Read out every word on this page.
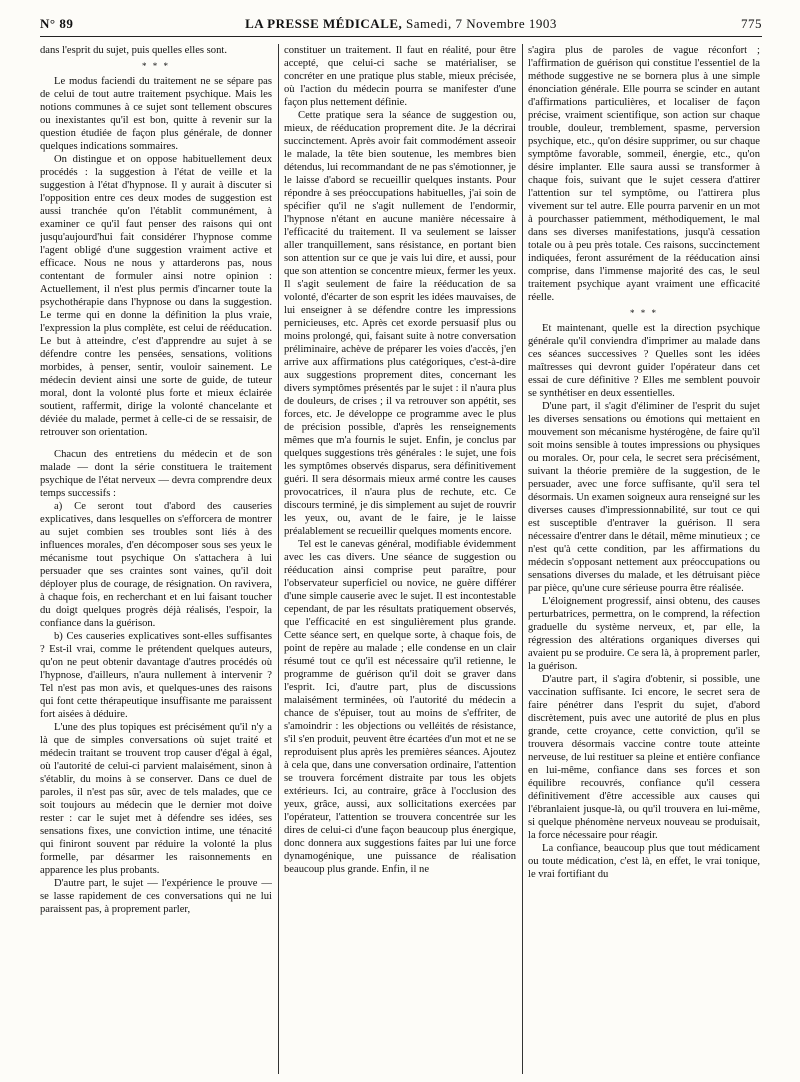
N° 89	LA PRESSE MÉDICALE, Samedi, 7 Novembre 1903	775

dans l'esprit du sujet, puis quelles elles sont.

* * *

Le modus faciendi du traitement ne se sépare pas de celui de tout autre traitement psychique. Mais les notions communes à ce sujet sont tellement obscures ou inexistantes qu'il est bon, quitte à revenir sur la question étudiée de façon plus générale, de donner quelques indications sommaires.

On distingue et on oppose habituellement deux procédés : la suggestion à l'état de veille et la suggestion à l'état d'hypnose. Il y aurait à discuter si l'opposition entre ces deux modes de suggestion est aussi tranchée qu'on l'établit communément, à examiner ce qu'il faut penser des raisons qui ont jusqu'aujourd'hui fait considérer l'hypnose comme l'agent obligé d'une suggestion vraiment active et efficace. Nous ne nous y attarderons pas, nous contentant de formuler ainsi notre opinion : Actuellement, il n'est plus permis d'incarner toute la psychothérapie dans l'hypnose ou dans la suggestion. Le terme qui en donne la définition la plus vraie, l'expression la plus complète, est celui de rééducation. Le but à atteindre, c'est d'apprendre au sujet à se défendre contre les pensées, sensations, volitions morbides, à penser, sentir, vouloir sainement. Le médecin devient ainsi une sorte de guide, de tuteur moral, dont la volonté plus forte et mieux éclairée soutient, raffermit, dirige la volonté chancelante et déviée du malade, permet à celle-ci de se ressaisir, de retrouver son orientation.

Chacun des entretiens du médecin et de son malade — dont la série constituera le traitement psychique de l'état nerveux — devra comprendre deux temps successifs :

a) Ce seront tout d'abord des causeries explicatives, dans lesquelles on s'efforcera de montrer au sujet combien ses troubles sont liés à des influences morales, d'en décomposer sous ses yeux le mécanisme tout psychique On s'attachera à lui persuader que ses craintes sont vaines, qu'il doit déployer plus de courage, de résignation. On ravivera, à chaque fois, en recherchant et en lui faisant toucher du doigt quelques progrès déjà réalisés, l'espoir, la confiance dans la guérison.

b) Ces causeries explicatives sont-elles suffisantes ? Est-il vrai, comme le prétendent quelques auteurs, qu'on ne peut obtenir davantage d'autres procédés où l'hypnose, d'ailleurs, n'aura nullement à intervenir ? Tel n'est pas mon avis, et quelques-unes des raisons qui font cette thérapeutique insuffisante me paraissent fort aisées à déduire.

L'une des plus topiques est précisément qu'il n'y a là que de simples conversations où sujet traité et médecin traitant se trouvent trop causer d'égal à égal, où l'autorité de celui-ci parvient malaisément, sinon à s'établir, du moins à se conserver. Dans ce duel de paroles, il n'est pas sûr, avec de tels malades, que ce soit toujours au médecin que le dernier mot doive rester : car le sujet met à défendre ses idées, ses sensations fixes, une conviction intime, une ténacité qui finiront souvent par réduire la volonté la plus formelle, par désarmer les raisonnements en apparence les plus probants.

D'autre part, le sujet — l'expérience le prouve — se lasse rapidement de ces conversations qui ne lui paraissent pas, à proprement parler,

constituer un traitement. Il faut en réalité, pour être accepté, que celui-ci sache se matérialiser, se concréter en une pratique plus stable, mieux précisée, où l'action du médecin pourra se manifester d'une façon plus nettement définie.

Cette pratique sera la séance de suggestion ou, mieux, de rééducation proprement dite. Je la décrirai succinctement. Après avoir fait commodément asseoir le malade, la tête bien soutenue, les membres bien détendus, lui recommandant de ne pas s'émotionner, je le laisse d'abord se recueillir quelques instants. Pour répondre à ses préoccupations habituelles, j'ai soin de spécifier qu'il ne s'agit nullement de l'endormir, l'hypnose n'étant en aucune manière nécessaire à l'efficacité du traitement. Il va seulement se laisser aller tranquillement, sans résistance, en portant bien son attention sur ce que je vais lui dire, et aussi, pour que son attention se concentre mieux, fermer les yeux. Il s'agit seulement de faire la rééducation de sa volonté, d'écarter de son esprit les idées mauvaises, de lui enseigner à se défendre contre les impressions pernicieuses, etc. Après cet exorde persuasif plus ou moins prolongé, qui, faisant suite à notre conversation préliminaire, achève de préparer les voies d'accès, j'en arrive aux affirmations plus catégoriques, c'est-à-dire aux suggestions proprement dites, concernant les divers symptômes présentés par le sujet : il n'aura plus de douleurs, de crises ; il va retrouver son appétit, ses forces, etc. Je développe ce programme avec le plus de précision possible, d'après les renseignements mêmes que m'a fournis le sujet. Enfin, je conclus par quelques suggestions très générales : le sujet, une fois les symptômes observés disparus, sera définitivement guéri. Il sera désormais mieux armé contre les causes provocatrices, il n'aura plus de rechute, etc. Ce discours terminé, je dis simplement au sujet de rouvrir les yeux, ou, avant de le faire, je le laisse préalablement se recueillir quelques moments encore.

Tel est le canevas général, modifiable évidemment avec les cas divers. Une séance de suggestion ou rééducation ainsi comprise peut paraître, pour l'observateur superficiel ou novice, ne guère différer d'une simple causerie avec le sujet. Il est incontestable cependant, de par les résultats pratiquement observés, que l'efficacité en est singulièrement plus grande. Cette séance sert, en quelque sorte, à chaque fois, de point de repère au malade ; elle condense en un clair résumé tout ce qu'il est nécessaire qu'il retienne, le programme de guérison qu'il doit se graver dans l'esprit. Ici, d'autre part, plus de discussions malaisément terminées, où l'autorité du médecin a chance de s'épuiser, tout au moins de s'effriter, de s'amoindrir : les objections ou velléités de résistance, s'il s'en produit, peuvent être écartées d'un mot et ne se reproduisent plus après les premières séances. Ajoutez à cela que, dans une conversation ordinaire, l'attention se trouvera forcément distraite par tous les objets extérieurs. Ici, au contraire, grâce à l'occlusion des yeux, grâce, aussi, aux sollicitations exercées par l'opérateur, l'attention se trouvera concentrée sur les dires de celui-ci d'une façon beaucoup plus énergique, donc donnera aux suggestions faites par lui une force dynamogénique, une puissance de réalisation beaucoup plus grande. Enfin, il ne

s'agira plus de paroles de vague réconfort ; l'affirmation de guérison qui constitue l'essentiel de la méthode suggestive ne se bornera plus à une simple énonciation générale. Elle pourra se scinder en autant d'affirmations particulières, et localiser de façon précise, vraiment scientifique, son action sur chaque trouble, douleur, tremblement, spasme, perversion psychique, etc., qu'on désire supprimer, ou sur chaque symptôme favorable, sommeil, énergie, etc., qu'on désire implanter. Elle saura aussi se transformer à chaque fois, suivant que le sujet cessera d'attirer l'attention sur tel symptôme, ou l'attirera plus vivement sur tel autre. Elle pourra parvenir en un mot à pourchasser patiemment, méthodiquement, le mal dans ses diverses manifestations, jusqu'à cessation totale ou à peu près totale. Ces raisons, succinctement indiquées, feront assurément de la rééducation ainsi comprise, dans l'immense majorité des cas, le seul traitement psychique ayant vraiment une efficacité réelle.

* * *

Et maintenant, quelle est la direction psychique générale qu'il conviendra d'imprimer au malade dans ces séances successives ? Quelles sont les idées maîtresses qui devront guider l'opérateur dans cet essai de cure définitive ? Elles me semblent pouvoir se synthétiser en deux essentielles.

D'une part, il s'agit d'éliminer de l'esprit du sujet les diverses sensations ou émotions qui mettaient en mouvement son mécanisme hystérogène, de faire qu'il soit moins sensible à toutes impressions ou physiques ou morales. Or, pour cela, le secret sera précisément, suivant la théorie première de la suggestion, de le persuader, avec une force suffisante, qu'il sera tel désormais. Un examen soigneux aura renseigné sur les diverses causes d'impressionnabilité, sur tout ce qui est susceptible d'entraver la guérison. Il sera nécessaire d'entrer dans le détail, même minutieux ; ce n'est qu'à cette condition, par les affirmations du médecin s'opposant nettement aux préoccupations ou sensations diverses du malade, et les détruisant pièce par pièce, qu'une cure sérieuse pourra être réalisée.

L'éloignement progressif, ainsi obtenu, des causes perturbatrices, permettra, on le comprend, la réfection graduelle du système nerveux, et, par elle, la régression des altérations organiques diverses qui avaient pu se produire. Ce sera là, à proprement parler, la guérison.

D'autre part, il s'agira d'obtenir, si possible, une vaccination suffisante. Ici encore, le secret sera de faire pénétrer dans l'esprit du sujet, d'abord discrètement, puis avec une autorité de plus en plus grande, cette croyance, cette conviction, qu'il se trouvera désormais vaccine contre toute atteinte nerveuse, de lui restituer sa pleine et entière confiance en lui-même, confiance dans ses forces et son équilibre recouvrés, confiance qu'il cessera définitivement d'être accessible aux causes qui l'ébranlaient jusque-là, ou qu'il trouvera en lui-même, si quelque phénomène nerveux nouveau se produisait, la force nécessaire pour réagir.

La confiance, beaucoup plus que tout médicament ou toute médication, c'est là, en effet, le vrai tonique, le vrai fortifiant du
